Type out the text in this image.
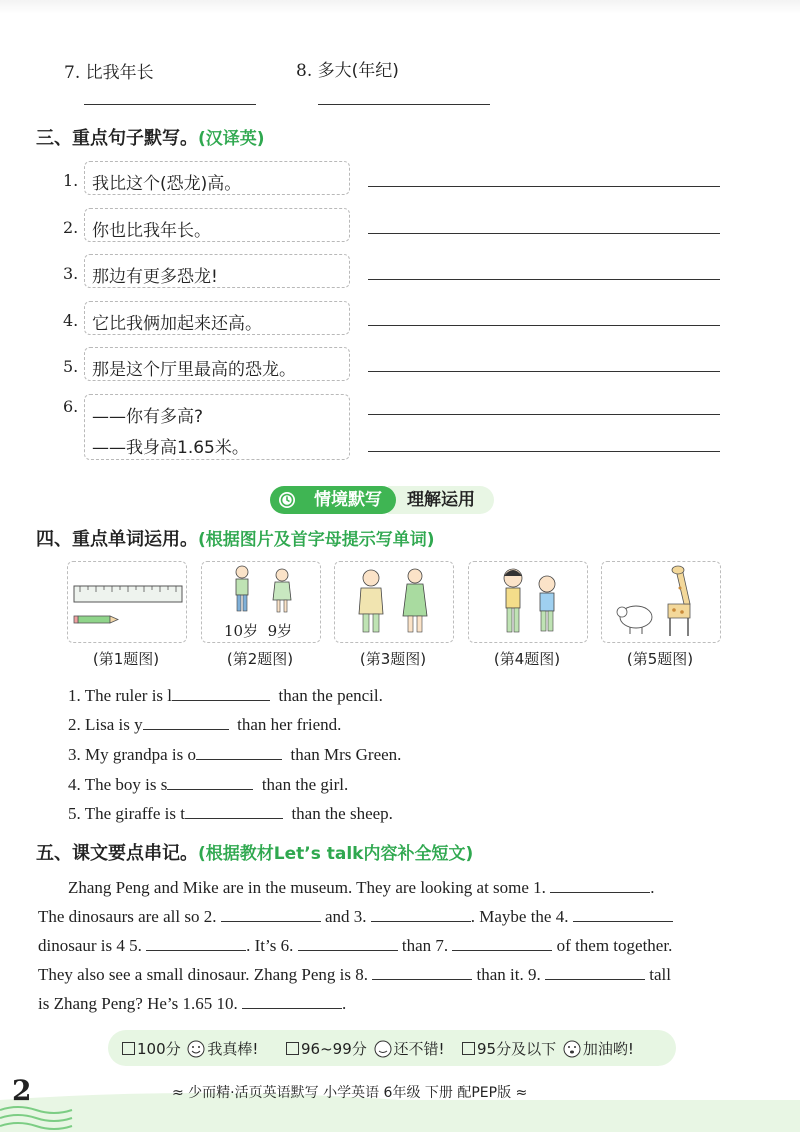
7. 比我年长	8. 多大(年纪)
三、重点句子默写。(汉译英)
1. 我比这个(恐龙)高。
2. 你也比我年长。
3. 那边有更多恐龙!
4. 它比我俩加起来还高。
5. 那是这个厅里最高的恐龙。
6.
——你有多高?
——我身高1.65米。
理解运用
情境默写
四、重点单词运用。(根据图片及首字母提示写单词)
(第1题图)
10岁  9岁
(第2题图)	(第3题图)	(第4题图)	(第5题图)
1. The ruler is l	than the pencil.
2. Lisa is y	than her friend.
3. My grandpa is o	than Mrs Green.
4. The boy is s	than the girl.
5. The giraffe is t	than the sheep.
五、课文要点串记。(根据教材Let’s talk内容补全短文)
Zhang Peng and Mike are in the museum. They are looking at some 1.	.
The dinosaurs are all so 2.	and 3.	. Maybe the 4.
dinosaur is 4 5.	. It’s 6.	than 7.	of them together.
They also see a small dinosaur. Zhang Peng is 8.	than it. 9.	tall
is Zhang Peng? He’s 1.65 10.	.
100分 我真棒!	96~99分 还不错!	95分及以下 加油哟!
2	≈ 少而精·活页英语默写 小学英语 6年级 下册 配PEP版 ≈
